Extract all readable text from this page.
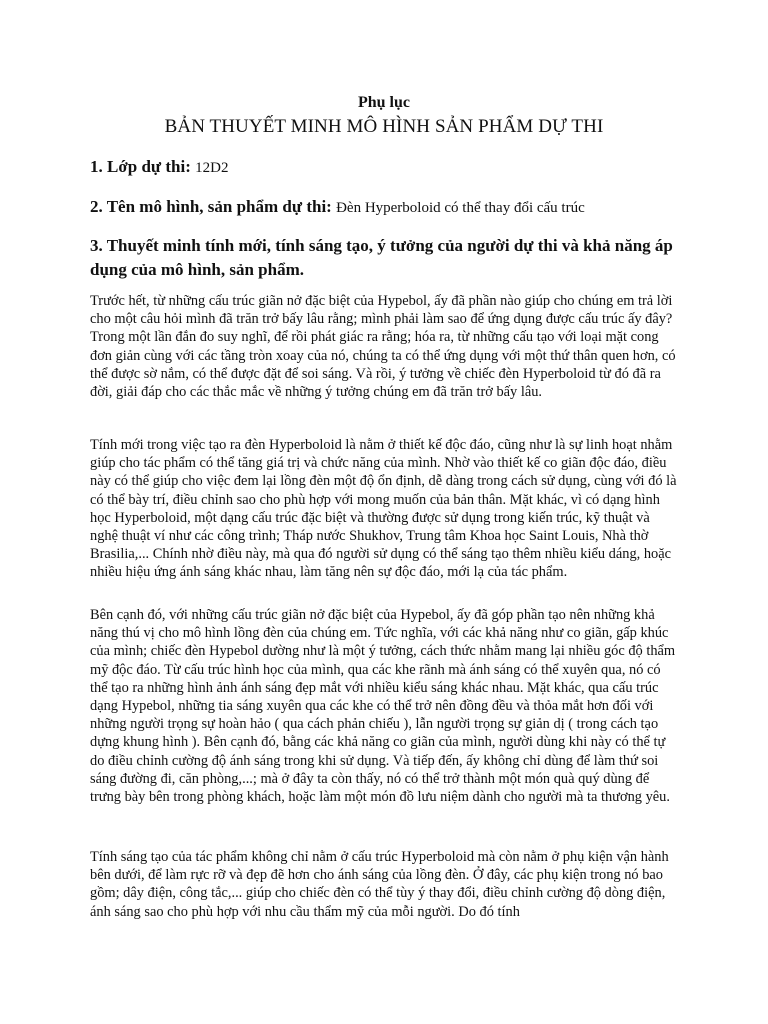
Phụ lục
BẢN THUYẾT MINH MÔ HÌNH SẢN PHẨM DỰ THI
1. Lớp dự thi: 12D2
2. Tên mô hình, sản phẩm dự thi: Đèn Hyperboloid có thể thay đổi cấu trúc
3. Thuyết minh tính mới, tính sáng tạo, ý tưởng của người dự thi và khả năng áp dụng của mô hình, sản phẩm.

Trước hết, từ những cấu trúc giãn nở đặc biệt của Hypebol, ấy đã phần nào giúp cho chúng em trả lời cho một câu hỏi mình đã trăn trở bấy lâu rằng; mình phải làm sao để ứng dụng được cấu trúc ấy đây? Trong một lần đắn đo suy nghĩ, để rồi phát giác ra rằng; hóa ra, từ những cấu tạo với loại mặt cong đơn giản cùng với các tầng tròn xoay của nó, chúng ta có thể ứng dụng với một thứ thân quen hơn, có thể được sờ nắm, có thể được đặt để soi sáng. Và rồi, ý tưởng về chiếc đèn Hyperboloid từ đó đã ra đời, giải đáp cho các thắc mắc về những ý tưởng chúng em đã trăn trở bấy lâu.

Tính mới trong việc tạo ra đèn Hyperboloid là nằm ở thiết kế độc đáo, cũng như là sự linh hoạt nhằm giúp cho tác phẩm có thể tăng giá trị và chức năng của mình. Nhờ vào thiết kế co giãn độc đáo, điều này có thể giúp cho việc đem lại lồng đèn một độ ổn định, dễ dàng trong cách sử dụng, cùng với đó là có thể bày trí, điều chỉnh sao cho phù hợp với mong muốn của bản thân. Mặt khác, vì có dạng hình học Hyperboloid, một dạng cấu trúc đặc biệt và thường được sử dụng trong kiến trúc, kỹ thuật và nghệ thuật ví như các công trình; Tháp nước Shukhov, Trung tâm Khoa học Saint Louis, Nhà thờ Brasilia,... Chính nhờ điều này, mà qua đó người sử dụng có thể sáng tạo thêm nhiều kiểu dáng, hoặc nhiều hiệu ứng ánh sáng khác nhau, làm tăng nên sự độc đáo, mới lạ của tác phẩm.

Bên cạnh đó, với những cấu trúc giãn nở đặc biệt của Hypebol, ấy đã góp phần tạo nên những khả năng thú vị cho mô hình lồng đèn của chúng em. Tức nghĩa, với các khả năng như co giãn, gấp khúc của mình; chiếc đèn Hypebol dường như là một ý tưởng, cách thức nhằm mang lại nhiều góc độ thẩm mỹ độc đáo. Từ cấu trúc hình học của mình, qua các khe rãnh mà ánh sáng có thể xuyên qua, nó có thể tạo ra những hình ảnh ánh sáng đẹp mắt với nhiều kiểu sáng khác nhau. Mặt khác, qua cấu trúc dạng Hypebol, những tia sáng xuyên qua các khe có thể trở nên đồng đều và thỏa mắt hơn đối với những người trọng sự hoàn hảo ( qua cách phản chiếu ), lẫn người trọng sự giản dị ( trong cách tạo dựng khung hình ). Bên cạnh đó, bằng các khả năng co giãn của mình, người dùng khi này có thể tự do điều chỉnh cường độ ánh sáng trong khi sử dụng. Và tiếp đến, ấy không chỉ dùng để làm thứ soi sáng đường đi, căn phòng,...; mà ở đây ta còn thấy, nó có thể trở thành một món quà quý dùng để trưng bày bên trong phòng khách, hoặc làm một món đồ lưu niệm dành cho người mà ta thương yêu.

Tính sáng tạo của tác phẩm không chỉ nằm ở cấu trúc Hyperboloid mà còn nằm ở phụ kiện vận hành bên dưới, để làm rực rỡ và đẹp đẽ hơn cho ánh sáng của lồng đèn. Ở đây, các phụ kiện trong nó bao gồm; dây điện, công tắc,... giúp cho chiếc đèn có thể tùy ý thay đổi, điều chỉnh cường độ dòng điện, ánh sáng sao cho phù hợp với nhu cầu thẩm mỹ của mỗi người. Do đó tính
